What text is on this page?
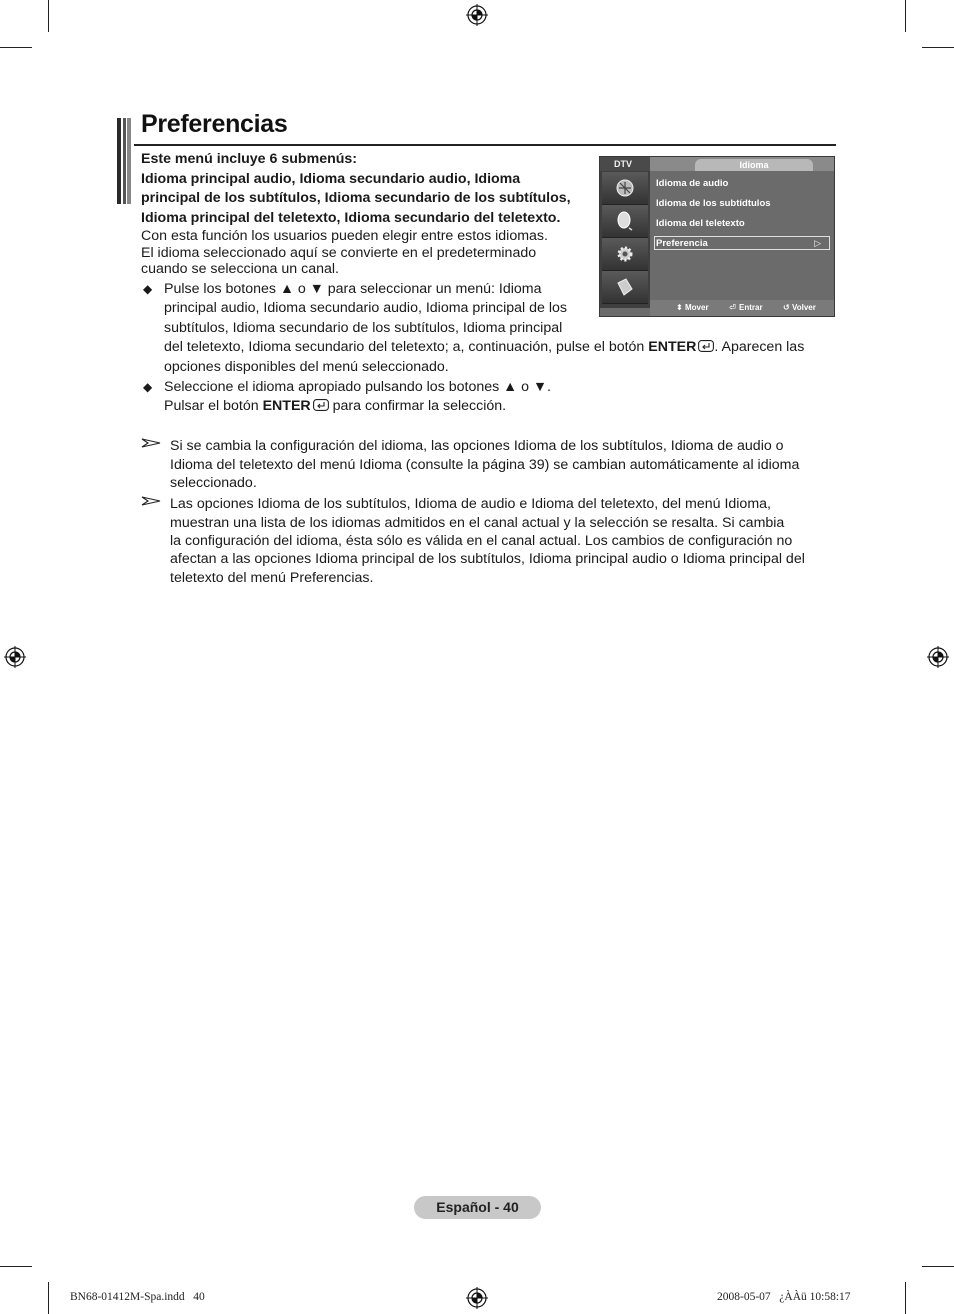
Preferencias
Este menú incluye 6 submenús:
Idioma principal audio, Idioma secundario audio, Idioma
principal de los subtítulos, Idioma secundario de los subtítulos,
Idioma principal del teletexto, Idioma secundario del teletexto.
Con esta función los usuarios pueden elegir entre estos idiomas.
El idioma seleccionado aquí se convierte en el predeterminado
cuando se selecciona un canal.
◆ Pulse los botones ▲ o ▼ para seleccionar un menú: Idioma
principal audio, Idioma secundario audio, Idioma principal de los
subtítulos, Idioma secundario de los subtítulos, Idioma principal
del teletexto, Idioma secundario del teletexto; a, continuación, pulse el botón ENTER . Aparecen las
opciones disponibles del menú seleccionado.
◆ Seleccione el idioma apropiado pulsando los botones ▲ o ▼.
Pulsar el botón ENTER para confirmar la selección.
Si se cambia la configuración del idioma, las opciones Idioma de los subtítulos, Idioma de audio o
Idioma del teletexto del menú Idioma (consulte la página 39) se cambian automáticamente al idioma
seleccionado.
Las opciones Idioma de los subtítulos, Idioma de audio e Idioma del teletexto, del menú Idioma,
muestran una lista de los idiomas admitidos en el canal actual y la selección se resalta. Si cambia
la configuración del idioma, ésta sólo es válida en el canal actual. Los cambios de configuración no
afectan a las opciones Idioma principal de los subtítulos, Idioma principal audio o Idioma principal del
teletexto del menú Preferencias.
DTV	Idioma
Idioma de audio
Idioma de los subtídtulos
Idioma del teletexto
▷
Preferencia
⬍ Mover	⏎ Entrar	↺ Volver
Español - 40
BN68-01412M-Spa.indd   40	2008-05-07   ¿ÀÀü 10:58:17
